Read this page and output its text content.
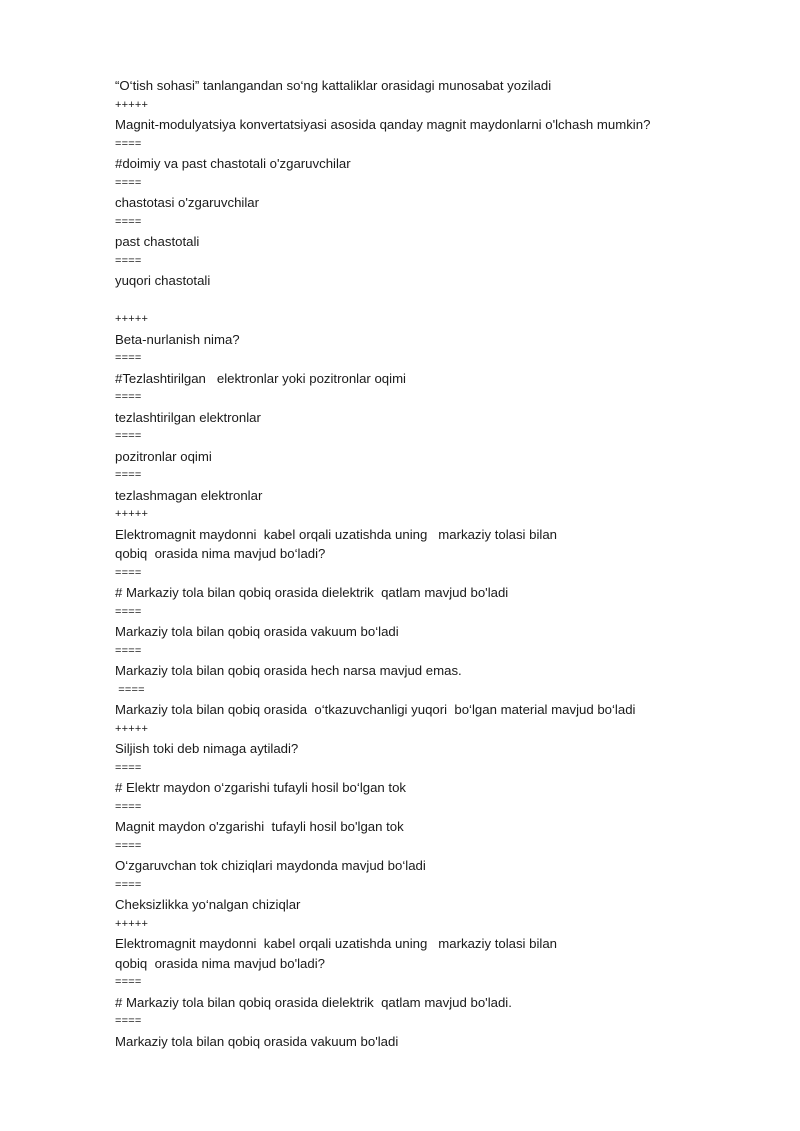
“O‘tish sohasi” tanlangandan so‘ng kattaliklar orasidagi munosabat yoziladi
+++++
Magnit-modulyatsiya konvertatsiyasi asosida qanday magnit maydonlarni o'lchash mumkin?
====
#doimiy va past chastotali o'zgaruvchilar
====
chastotasi o'zgaruvchilar
====
past chastotali
====
yuqori chastotali
+++++
Beta-nurlanish nima?
====
#Tezlashtirilgan   elektronlar yoki pozitronlar oqimi
====
tezlashtirilgan elektronlar
====
pozitronlar oqimi
====
tezlashmagan elektronlar
+++++
Elektromagnit maydonni  kabel orqali uzatishda uning   markaziy tolasi bilan
qobiq  orasida nima mavjud bo‘ladi?
====
# Markaziy tola bilan qobiq orasida dielektrik  qatlam mavjud bo'ladi
====
Markaziy tola bilan qobiq orasida vakuum bo‘ladi
====
Markaziy tola bilan qobiq orasida hech narsa mavjud emas.
====
Markaziy tola bilan qobiq orasida  o‘tkazuvchanligi yuqori  bo‘lgan material mavjud bo‘ladi
+++++
Siljish toki deb nimaga aytiladi?
====
# Elektr maydon o‘zgarishi tufayli hosil bo‘lgan tok
====
Magnit maydon o'zgarishi  tufayli hosil bo'lgan tok
====
O‘zgaruvchan tok chiziqlari maydonda mavjud bo‘ladi
====
Cheksizlikka yo‘nalgan chiziqlar
+++++
Elektromagnit maydonni  kabel orqali uzatishda uning   markaziy tolasi bilan
qobiq  orasida nima mavjud bo'ladi?
====
# Markaziy tola bilan qobiq orasida dielektrik  qatlam mavjud bo'ladi.
====
Markaziy tola bilan qobiq orasida vakuum bo'ladi
